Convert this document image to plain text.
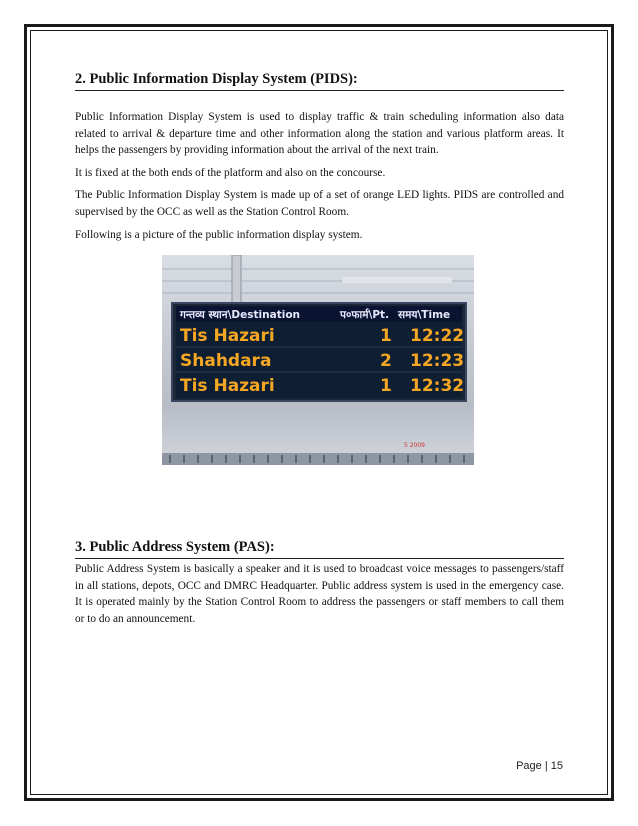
2. Public Information Display System (PIDS):

Public Information Display System is used to display traffic & train scheduling information also data related to arrival & departure time and other information along the station and various platform areas. It helps the passengers by providing information about the arrival of the next train.

It is fixed at the both ends of the platform and also on the concourse.

The Public Information Display System is made up of a set of orange LED lights. PIDS are controlled and supervised by the OCC as well as the Station Control Room.

Following is a picture of the public information display system.

गन्तव्य स्थान\Destination	प०फार्म\Pt. समय\Time
Tis Hazari	1 12:22
Shahdara	2 12:23
Tis Hazari	1 12:32
5 2009
3. Public Address System (PAS):

Public Address System is basically a speaker and it is used to broadcast voice messages to passengers/staff in all stations, depots, OCC and DMRC Headquarter. Public address system is used in the emergency case. It is operated mainly by the Station Control Room to address the passengers or staff members to call them or to do an announcement.

Page | 15
